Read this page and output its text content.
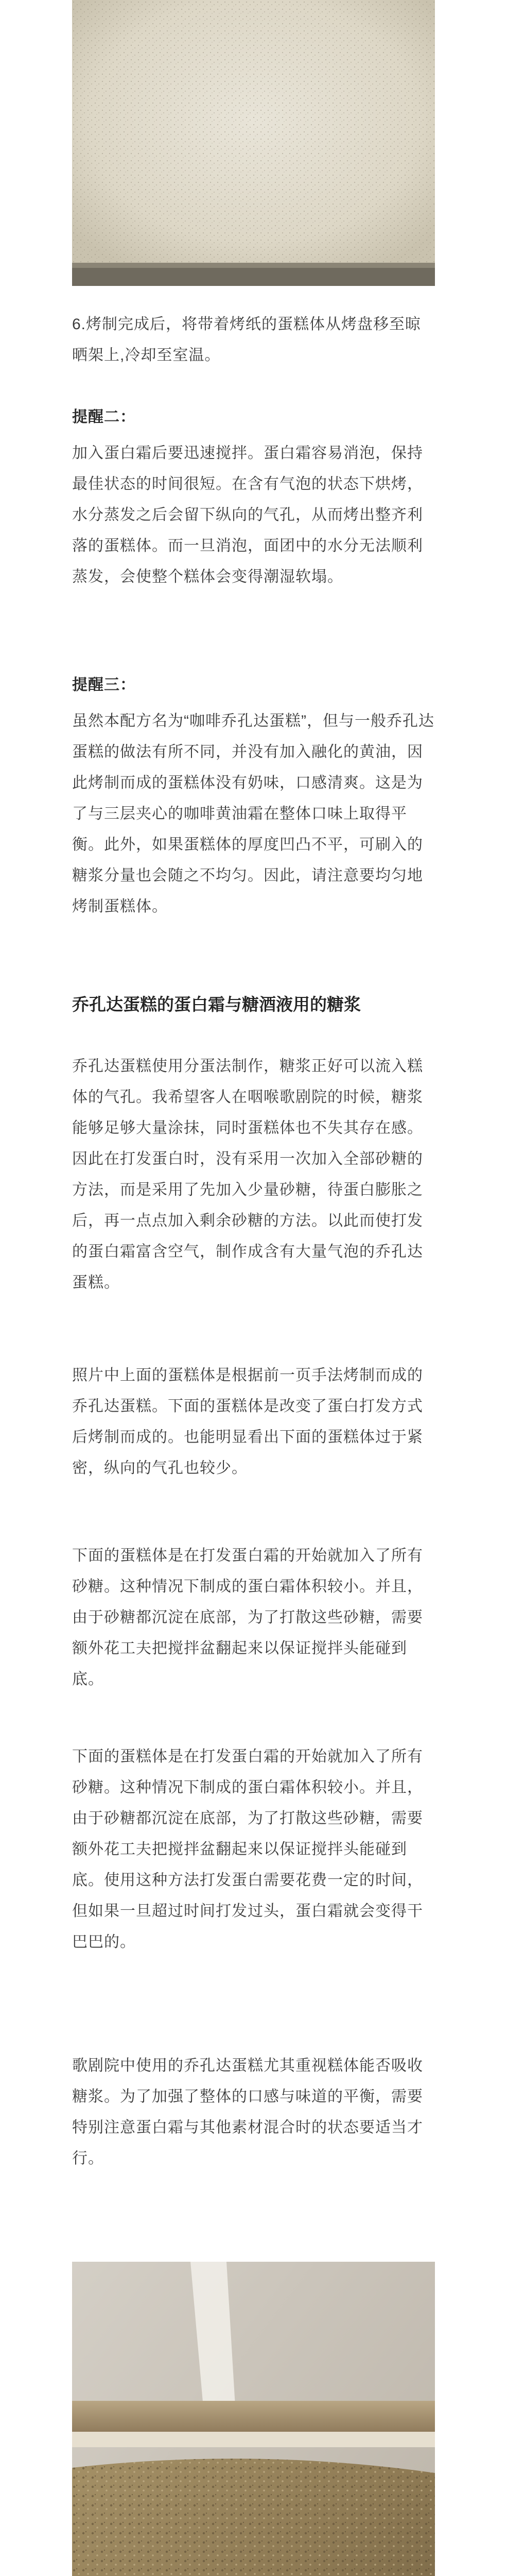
6.烤制完成后，将带着烤纸的蛋糕体从烤盘移至晾晒架上,冷却至室温。
提醒二：
加入蛋白霜后要迅速搅拌。蛋白霜容易消泡，保持最佳状态的时间很短。在含有气泡的状态下烘烤，水分蒸发之后会留下纵向的气孔，从而烤出整齐利落的蛋糕体。而一旦消泡，面团中的水分无法顺利蒸发，会使整个糕体会变得潮湿软塌。
提醒三：
虽然本配方名为“咖啡乔孔达蛋糕”，但与一般乔孔达蛋糕的做法有所不同，并没有加入融化的黄油，因此烤制而成的蛋糕体没有奶味，口感清爽。这是为了与三层夹心的咖啡黄油霜在整体口味上取得平衡。此外，如果蛋糕体的厚度凹凸不平，可刷入的糖浆分量也会随之不均匀。因此，请注意要均匀地烤制蛋糕体。
乔孔达蛋糕的蛋白霜与糖酒液用的糖浆
乔孔达蛋糕使用分蛋法制作，糖浆正好可以流入糕体的气孔。我希望客人在咽喉歌剧院的时候，糖浆能够足够大量涂抹，同时蛋糕体也不失其存在感。因此在打发蛋白时，没有采用一次加入全部砂糖的方法，而是采用了先加入少量砂糖，待蛋白膨胀之后，再一点点加入剩余砂糖的方法。以此而使打发的蛋白霜富含空气，制作成含有大量气泡的乔孔达蛋糕。
照片中上面的蛋糕体是根据前一页手法烤制而成的乔孔达蛋糕。下面的蛋糕体是改变了蛋白打发方式后烤制而成的。也能明显看出下面的蛋糕体过于紧密，纵向的气孔也较少。
下面的蛋糕体是在打发蛋白霜的开始就加入了所有砂糖。这种情况下制成的蛋白霜体积较小。并且，由于砂糖都沉淀在底部，为了打散这些砂糖，需要额外花工夫把搅拌盆翻起来以保证搅拌头能碰到底。
下面的蛋糕体是在打发蛋白霜的开始就加入了所有砂糖。这种情况下制成的蛋白霜体积较小。并且，由于砂糖都沉淀在底部，为了打散这些砂糖，需要额外花工夫把搅拌盆翻起来以保证搅拌头能碰到底。使用这种方法打发蛋白需要花费一定的时间，但如果一旦超过时间打发过头，蛋白霜就会变得干巴巴的。
歌剧院中使用的乔孔达蛋糕尤其重视糕体能否吸收糖浆。为了加强了整体的口感与味道的平衡，需要特别注意蛋白霜与其他素材混合时的状态要适当才行。
